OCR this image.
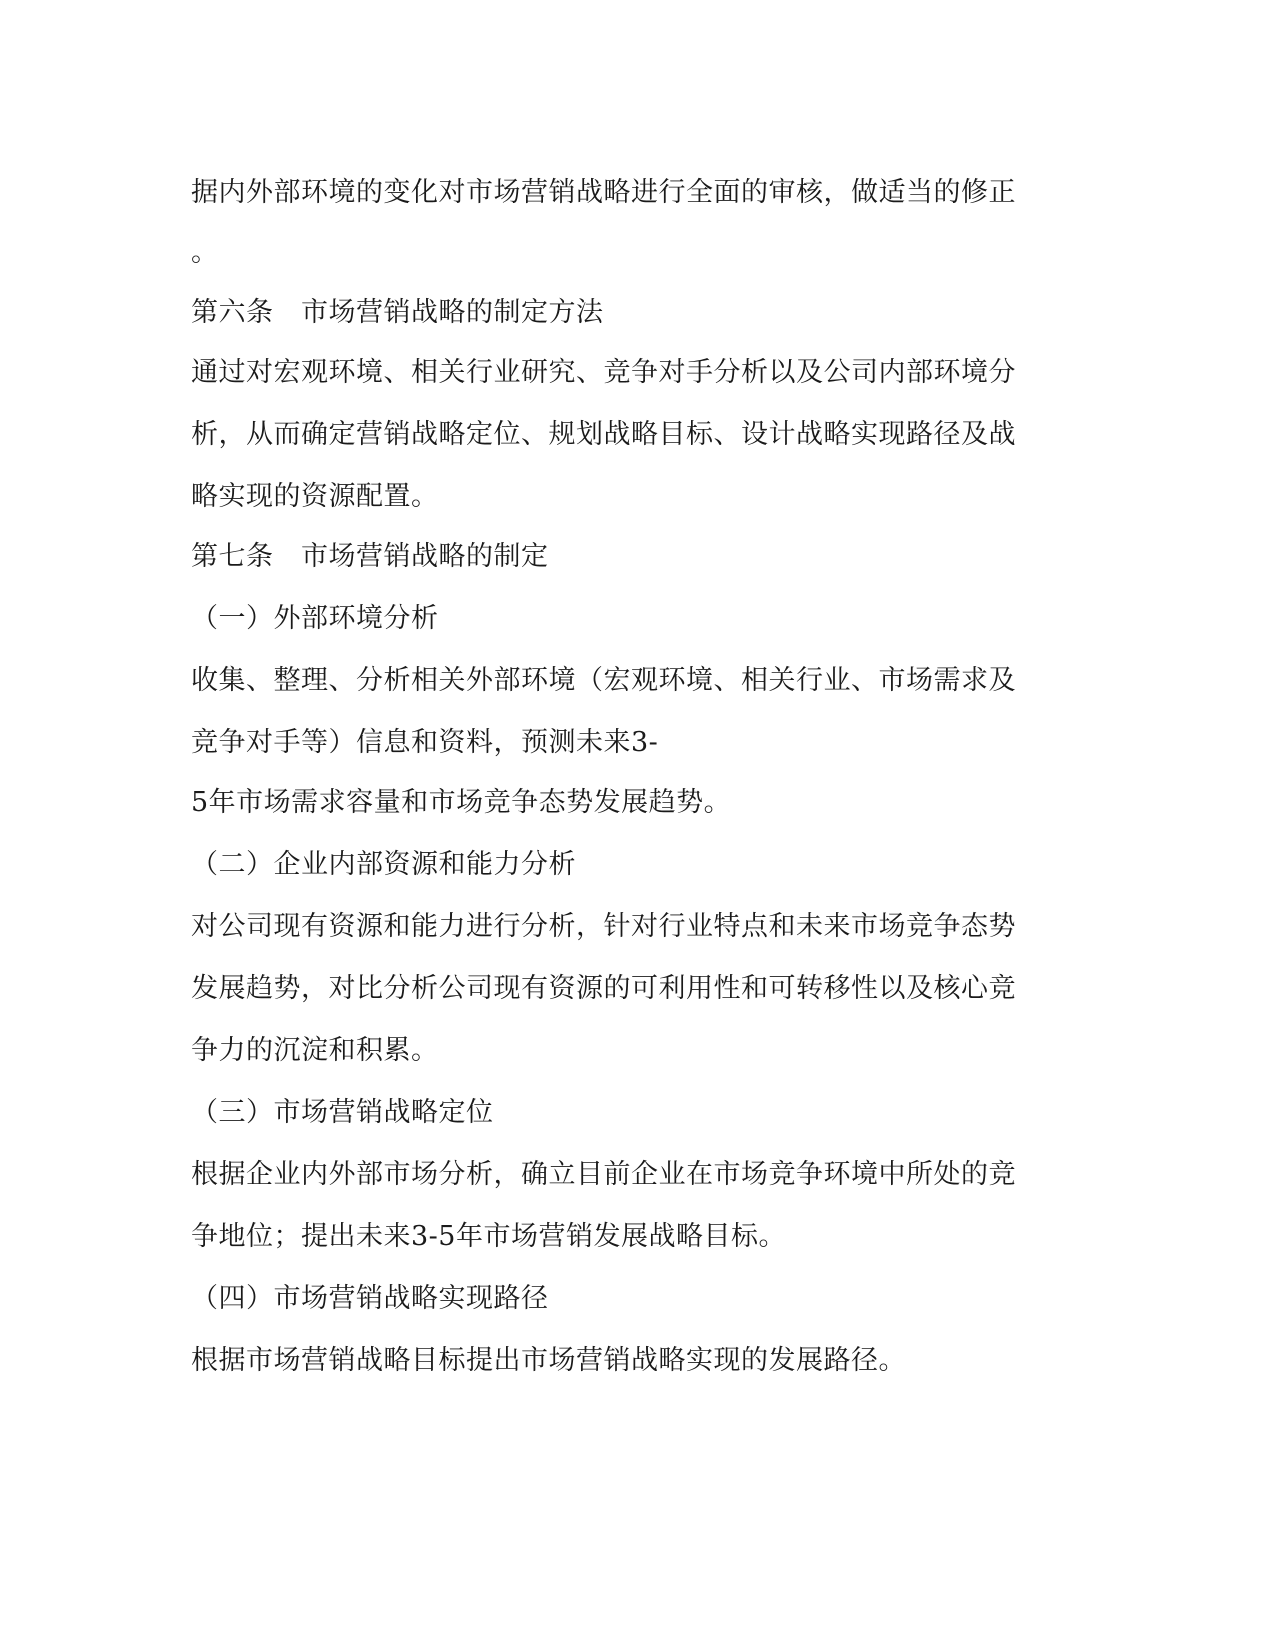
据内外部环境的变化对市场营销战略进行全面的审核，做适当的修正
。
第六条　市场营销战略的制定方法
通过对宏观环境、相关行业研究、竞争对手分析以及公司内部环境分
析，从而确定营销战略定位、规划战略目标、设计战略实现路径及战
略实现的资源配置。
第七条　市场营销战略的制定
（一）外部环境分析
收集、整理、分析相关外部环境（宏观环境、相关行业、市场需求及
竞争对手等）信息和资料，预测未来3-
5年市场需求容量和市场竞争态势发展趋势。
（二）企业内部资源和能力分析
对公司现有资源和能力进行分析，针对行业特点和未来市场竞争态势
发展趋势，对比分析公司现有资源的可利用性和可转移性以及核心竞
争力的沉淀和积累。
（三）市场营销战略定位
根据企业内外部市场分析，确立目前企业在市场竞争环境中所处的竞
争地位；提出未来3-5年市场营销发展战略目标。
（四）市场营销战略实现路径
根据市场营销战略目标提出市场营销战略实现的发展路径。
